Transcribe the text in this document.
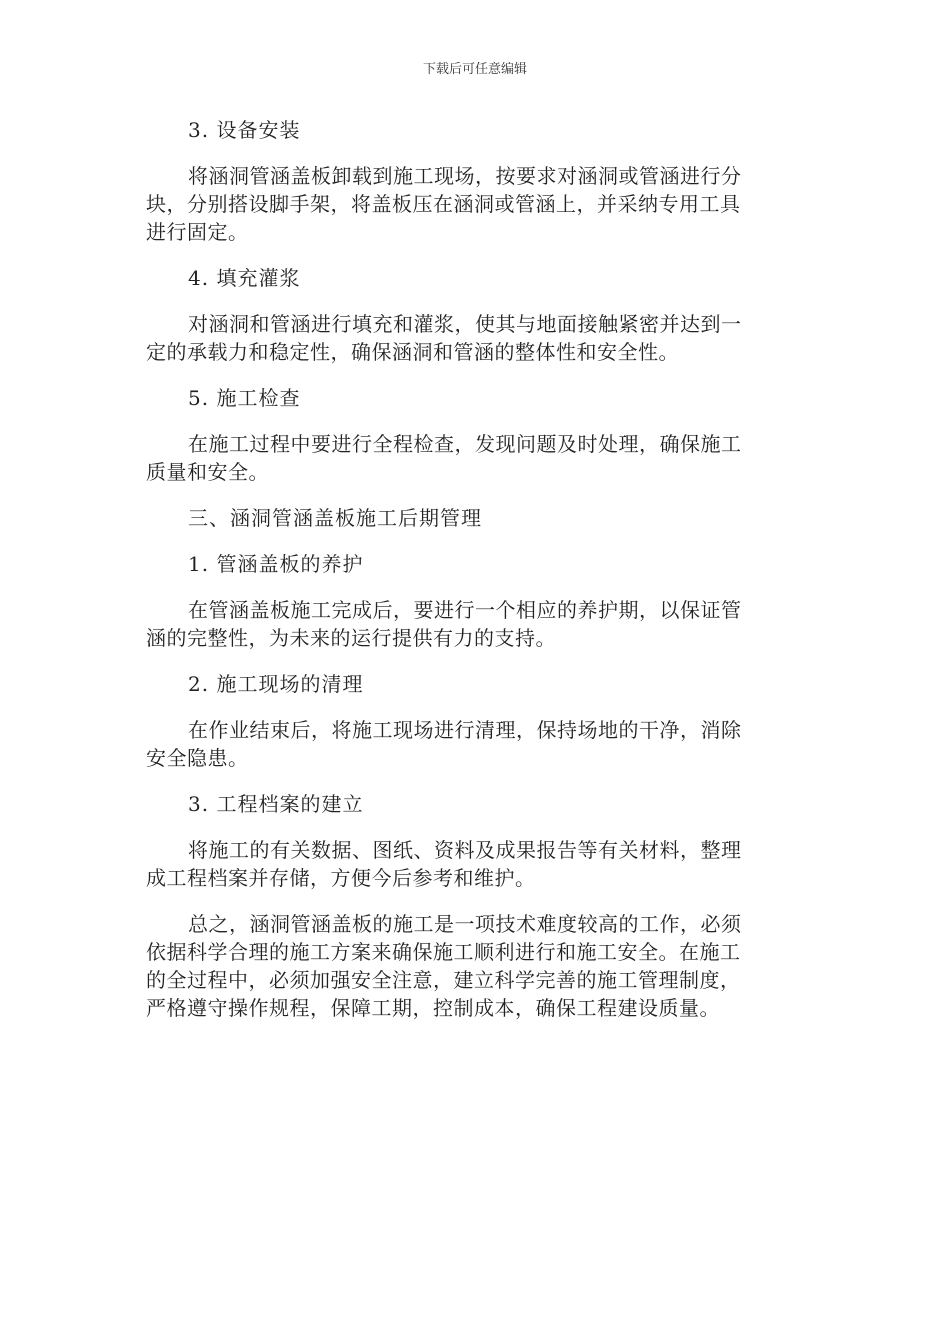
下载后可任意编辑
3. 设备安装
将涵洞管涵盖板卸载到施工现场，按要求对涵洞或管涵进行分
块，分别搭设脚手架，将盖板压在涵洞或管涵上，并采纳专用工具
进行固定。
4. 填充灌浆
对涵洞和管涵进行填充和灌浆，使其与地面接触紧密并达到一
定的承载力和稳定性，确保涵洞和管涵的整体性和安全性。
5. 施工检查
在施工过程中要进行全程检查，发现问题及时处理，确保施工
质量和安全。
三、涵洞管涵盖板施工后期管理
1. 管涵盖板的养护
在管涵盖板施工完成后，要进行一个相应的养护期，以保证管
涵的完整性，为未来的运行提供有力的支持。
2. 施工现场的清理
在作业结束后，将施工现场进行清理，保持场地的干净，消除
安全隐患。
3. 工程档案的建立
将施工的有关数据、图纸、资料及成果报告等有关材料，整理
成工程档案并存储，方便今后参考和维护。
总之，涵洞管涵盖板的施工是一项技术难度较高的工作，必须
依据科学合理的施工方案来确保施工顺利进行和施工安全。在施工
的全过程中，必须加强安全注意，建立科学完善的施工管理制度，
严格遵守操作规程，保障工期，控制成本，确保工程建设质量。
